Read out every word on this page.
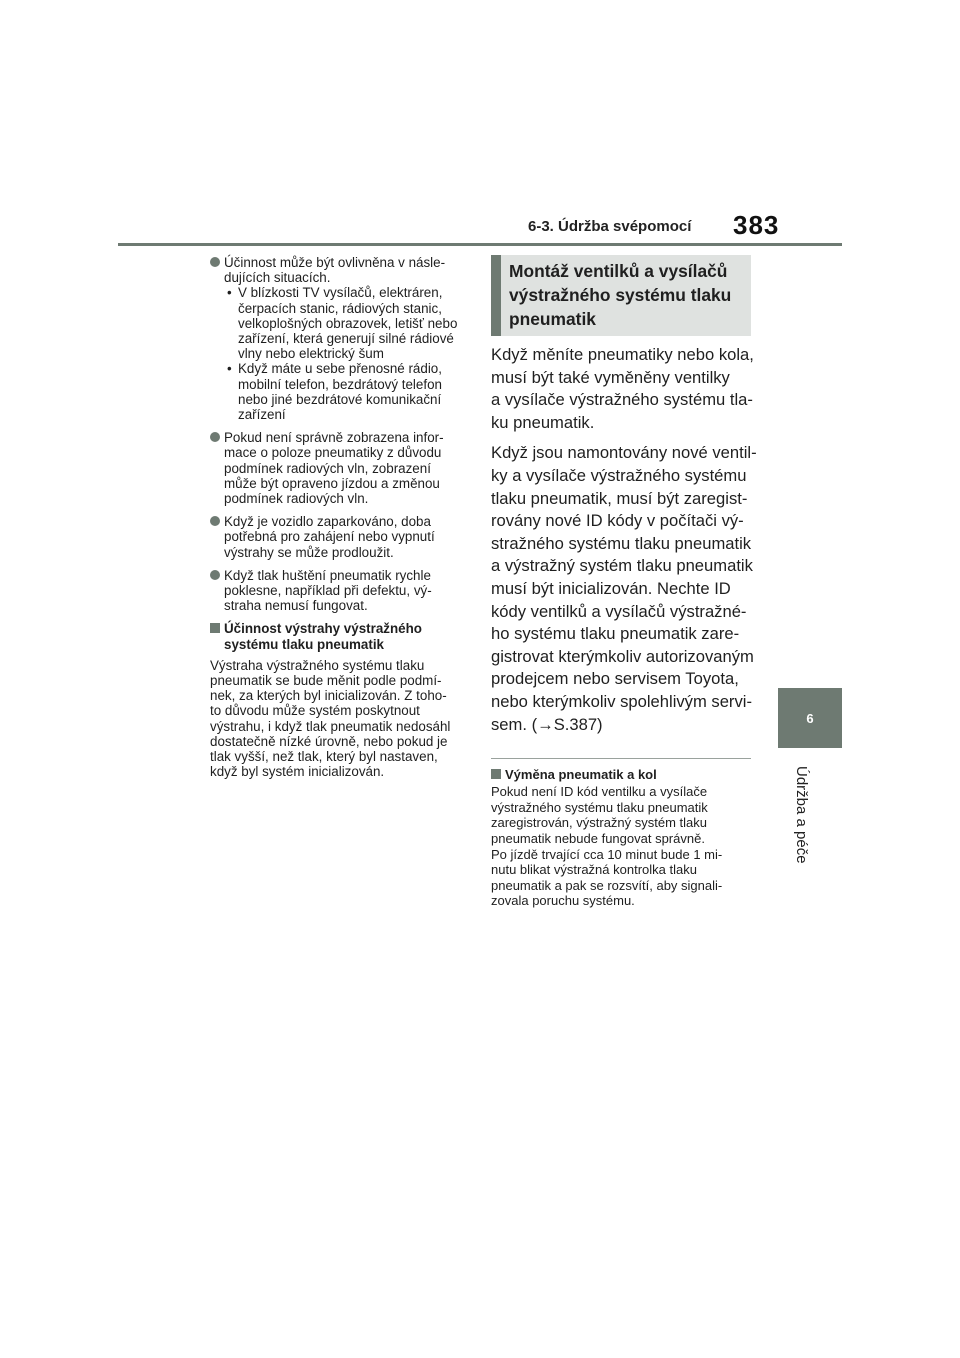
6-3. Údržba svépomocí 383
6
Údržba a péče
Účinnost může být ovlivněna v násle-
dujících situacích.
• V blízkosti TV vysílačů, elektráren,
čerpacích stanic, rádiových stanic,
velkoplošných obrazovek, letišť nebo
zařízení, která generují silné rádiové
vlny nebo elektrický šum
• Když máte u sebe přenosné rádio,
mobilní telefon, bezdrátový telefon
nebo jiné bezdrátové komunikační
zařízení
Pokud není správně zobrazena infor-
mace o poloze pneumatiky z důvodu
podmínek radiových vln, zobrazení
může být opraveno jízdou a změnou
podmínek radiových vln.
Když je vozidlo zaparkováno, doba
potřebná pro zahájení nebo vypnutí
výstrahy se může prodloužit.
Když tlak huštění pneumatik rychle
poklesne, například při defektu, vý-
straha nemusí fungovat.
Účinnost výstrahy výstražného
systému tlaku pneumatik
Výstraha výstražného systému tlaku
pneumatik se bude měnit podle podmí-
nek, za kterých byl inicializován. Z toho-
to důvodu může systém poskytnout
výstrahu, i když tlak pneumatik nedosáhl
dostatečně nízké úrovně, nebo pokud je
tlak vyšší, než tlak, který byl nastaven,
když byl systém inicializován.
Montáž ventilků a vysílačů
výstražného systému tlaku
pneumatik
Když měníte pneumatiky nebo kola,
musí být také vyměněny ventilky
a vysílače výstražného systému tla-
ku pneumatik.
Když jsou namontovány nové ventil-
ky a vysílače výstražného systému
tlaku pneumatik, musí být zaregist-
rovány nové ID kódy v počítači vý-
stražného systému tlaku pneumatik
a výstražný systém tlaku pneumatik
musí být inicializován. Nechte ID
kódy ventilků a vysílačů výstražné-
ho systému tlaku pneumatik zare-
gistrovat kterýmkoliv autorizovaným
prodejcem nebo servisem Toyota,
nebo kterýmkoliv spolehlivým servi-
sem. (→S.387)
Výměna pneumatik a kol
Pokud není ID kód ventilku a vysílače
výstražného systému tlaku pneumatik
zaregistrován, výstražný systém tlaku
pneumatik nebude fungovat správně.
Po jízdě trvající cca 10 minut bude 1 mi-
nutu blikat výstražná kontrolka tlaku
pneumatik a pak se rozsvítí, aby signali-
zovala poruchu systému.
